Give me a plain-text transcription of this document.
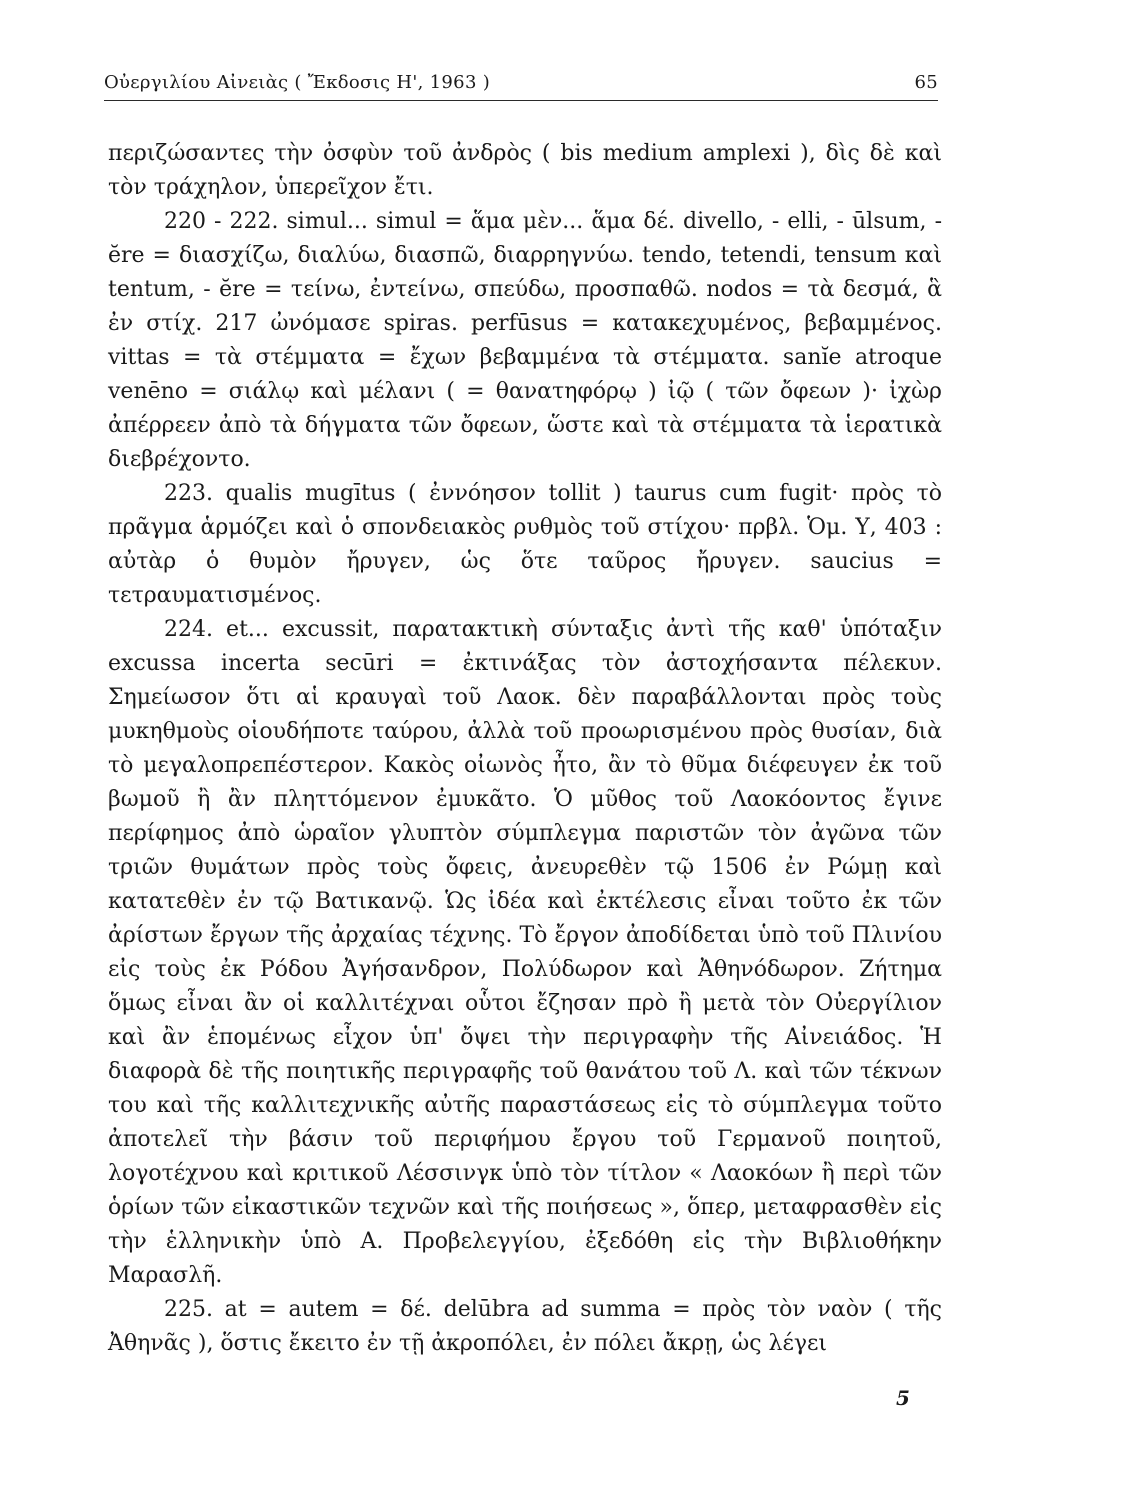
Οὐεργιλίου Αἰνειὰς ( Ἔκδοσις Η', 1963 )	65

περιζώσαντες τὴν ὀσφὺν τοῦ ἀνδρὸς ( bis medium amplexi ), δὶς δὲ καὶ τὸν τράχηλον, ὑπερεῖχον ἔτι.

220 - 222. simul... simul = ἅμα μὲν... ἅμα δέ. divello, - elli, - ūlsum, - ĕre = διασχίζω, διαλύω, διασπῶ, διαρρηγνύω. tendo, tetendi, tensum καὶ tentum, - ĕre = τείνω, ἐντείνω, σπεύδω, προσπαθῶ. nodos = τὰ δεσμά, ἃ ἐν στίχ. 217 ὠνόμασε spiras. perfūsus = κατακεχυμένος, βεβαμμένος. vittas = τὰ στέμματα = ἔχων βεβαμμένα τὰ στέμματα. sanĭe atroque venēno = σιάλῳ καὶ μέλανι ( = θανατηφόρῳ ) ἰῷ ( τῶν ὄφεων )· ἰχὼρ ἀπέρρεεν ἀπὸ τὰ δήγματα τῶν ὄφεων, ὥστε καὶ τὰ στέμματα τὰ ἱερατικὰ διεβρέχοντο.

223. qualis mugītus ( ἐννόησον tollit ) taurus cum fugit· πρὸς τὸ πρᾶγμα ἁρμόζει καὶ ὁ σπονδειακὸς ρυθμὸς τοῦ στίχου· πρβλ. Ὁμ. Υ, 403 : αὐτὰρ ὁ θυμὸν ἤρυγεν, ὡς ὅτε ταῦρος ἤρυγεν. saucius = τετραυματισμένος.

224. et... excussit, παρατακτικὴ σύνταξις ἀντὶ τῆς καθ' ὑπόταξιν excussa incerta secūri = ἐκτινάξας τὸν ἀστοχήσαντα πέλεκυν. Σημείωσον ὅτι αἱ κραυγαὶ τοῦ Λαοκ. δὲν παραβάλλονται πρὸς τοὺς μυκηθμοὺς οἱουδήποτε ταύρου, ἀλλὰ τοῦ προωρισμένου πρὸς θυσίαν, διὰ τὸ μεγαλοπρεπέστερον. Κακὸς οἰωνὸς ἦτο, ἂν τὸ θῦμα διέφευγεν ἐκ τοῦ βωμοῦ ἢ ἂν πληττόμενον ἐμυκᾶτο. Ὁ μῦθος τοῦ Λαοκόοντος ἔγινε περίφημος ἀπὸ ὡραῖον γλυπτὸν σύμπλεγμα παριστῶν τὸν ἀγῶνα τῶν τριῶν θυμάτων πρὸς τοὺς ὄφεις, ἀνευρεθὲν τῷ 1506 ἐν Ρώμῃ καὶ κατατεθὲν ἐν τῷ Βατικανῷ. Ὡς ἰδέα καὶ ἐκτέλεσις εἶναι τοῦτο ἐκ τῶν ἀρίστων ἔργων τῆς ἀρχαίας τέχνης. Τὸ ἔργον ἀποδίδεται ὑπὸ τοῦ Πλινίου εἰς τοὺς ἐκ Ρόδου Ἀγήσανδρον, Πολύδωρον καὶ Ἀθηνόδωρον. Ζήτημα ὅμως εἶναι ἂν οἱ καλλιτέχναι οὗτοι ἔζησαν πρὸ ἢ μετὰ τὸν Οὐεργίλιον καὶ ἂν ἑπομένως εἶχον ὑπ' ὄψει τὴν περιγραφὴν τῆς Αἰνειάδος. Ἡ διαφορὰ δὲ τῆς ποιητικῆς περιγραφῆς τοῦ θανάτου τοῦ Λ. καὶ τῶν τέκνων του καὶ τῆς καλλιτεχνικῆς αὐτῆς παραστάσεως εἰς τὸ σύμπλεγμα τοῦτο ἀποτελεῖ τὴν βάσιν τοῦ περιφήμου ἔργου τοῦ Γερμανοῦ ποιητοῦ, λογοτέχνου καὶ κριτικοῦ Λέσσινγκ ὑπὸ τὸν τίτλον « Λαοκόων ἢ περὶ τῶν ὁρίων τῶν εἰκαστικῶν τεχνῶν καὶ τῆς ποιήσεως », ὅπερ, μεταφρασθὲν εἰς τὴν ἑλληνικὴν ὑπὸ Α. Προβελεγγίου, ἐξεδόθη εἰς τὴν Βιβλιοθήκην Μαρασλῆ.

225. at = autem = δέ. delūbra ad summa = πρὸς τὸν ναὸν ( τῆς Ἀθηνᾶς ), ὅστις ἔκειτο ἐν τῇ ἀκροπόλει, ἐν πόλει ἄκρῃ, ὡς λέγει

5
